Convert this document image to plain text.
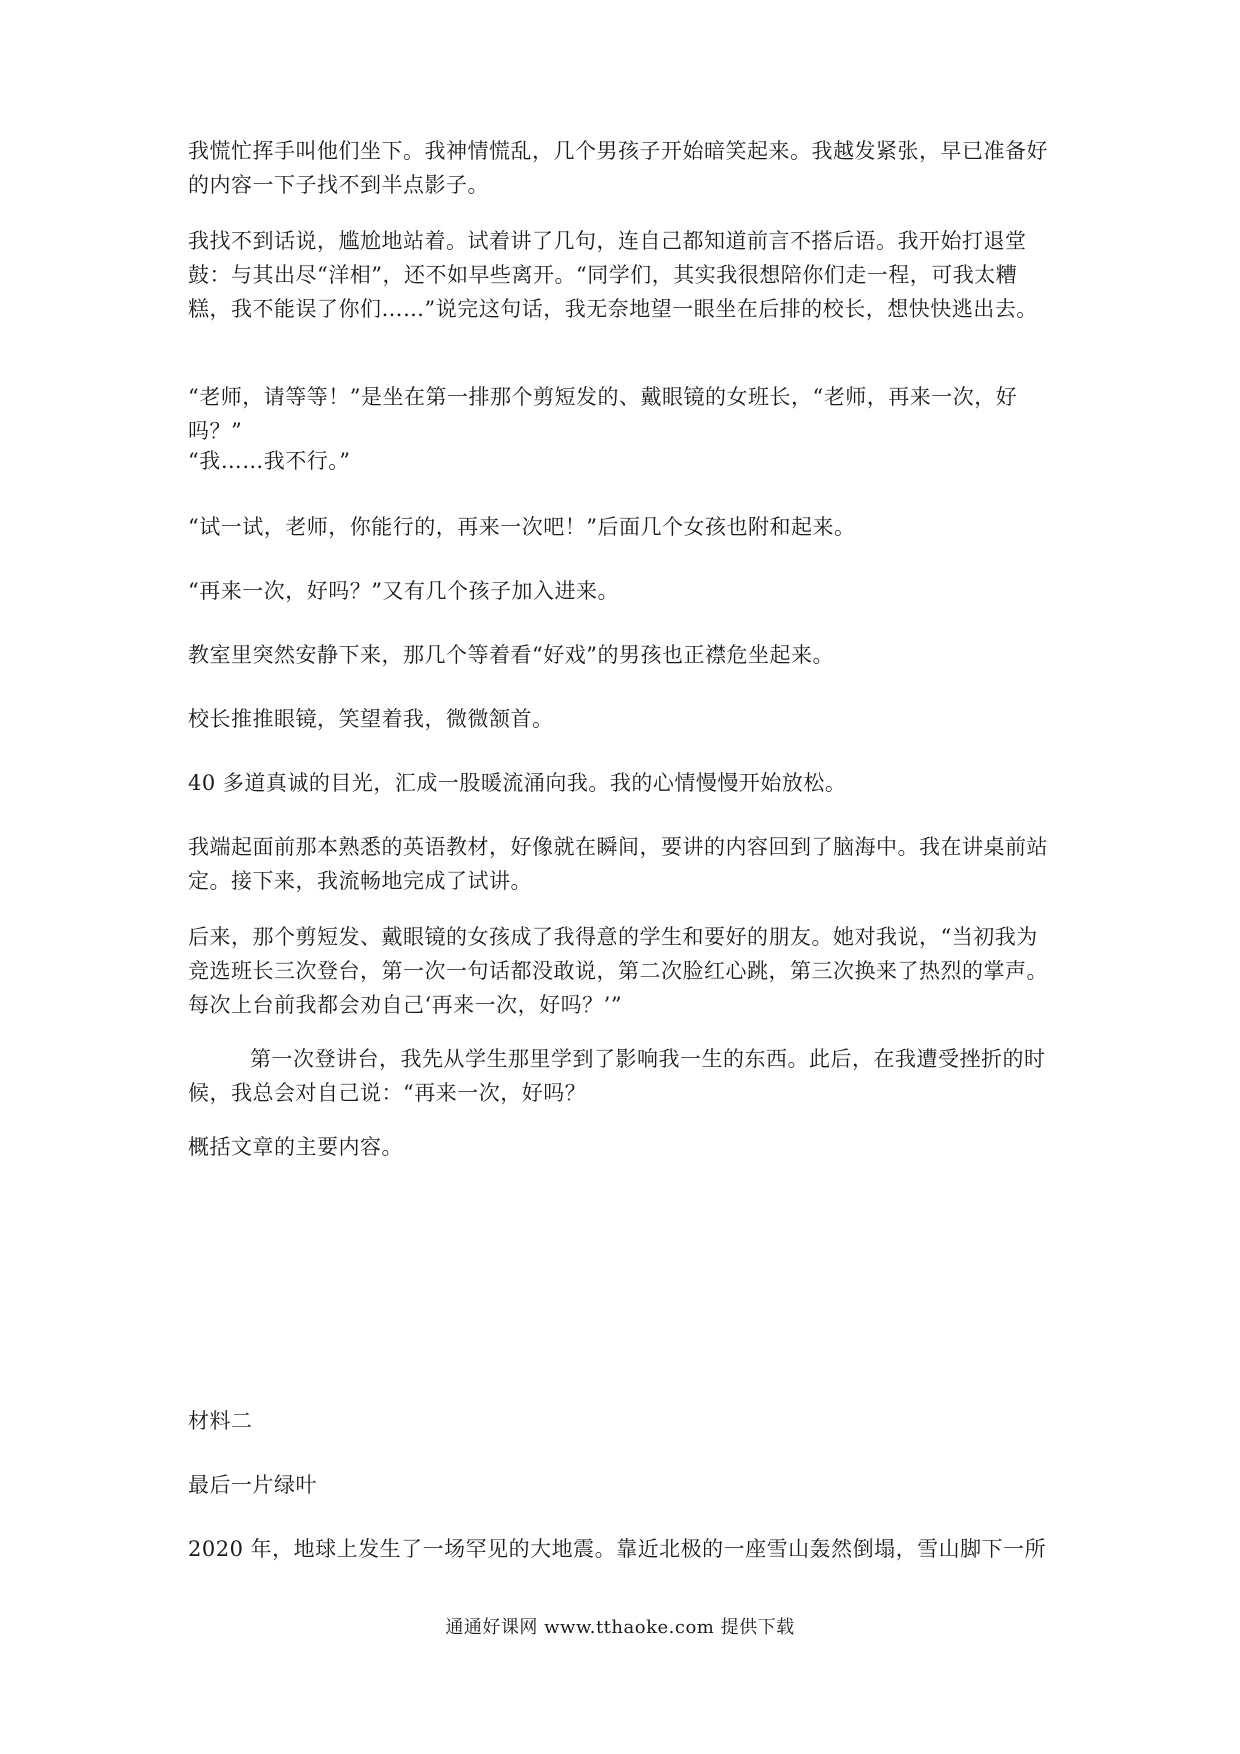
我慌忙挥手叫他们坐下。我神情慌乱，几个男孩子开始暗笑起来。我越发紧张，早已准备好的内容一下子找不到半点影子。

我找不到话说，尴尬地站着。试着讲了几句，连自己都知道前言不搭后语。我开始打退堂鼓：与其出尽“洋相”，还不如早些离开。“同学们，其实我很想陪你们走一程，可我太糟糕，我不能误了你们……”说完这句话，我无奈地望一眼坐在后排的校长，想快快逃出去。

“老师，请等等！”是坐在第一排那个剪短发的、戴眼镜的女班长，“老师，再来一次，好吗？”

“我……我不行。”

“试一试，老师，你能行的，再来一次吧！”后面几个女孩也附和起来。

“再来一次，好吗？”又有几个孩子加入进来。

教室里突然安静下来，那几个等着看“好戏”的男孩也正襟危坐起来。

校长推推眼镜，笑望着我，微微颔首。

40 多道真诚的目光，汇成一股暖流涌向我。我的心情慢慢开始放松。

我端起面前那本熟悉的英语教材，好像就在瞬间，要讲的内容回到了脑海中。我在讲桌前站定。接下来，我流畅地完成了试讲。

后来，那个剪短发、戴眼镜的女孩成了我得意的学生和要好的朋友。她对我说，“当初我为竞选班长三次登台，第一次一句话都没敢说，第二次脸红心跳，第三次换来了热烈的掌声。每次上台前我都会劝自己‘再来一次，好吗？’”

第一次登讲台，我先从学生那里学到了影响我一生的东西。此后，在我遭受挫折的时候，我总会对自己说：“再来一次，好吗？

概括文章的主要内容。

材料二

最后一片绿叶

2020 年，地球上发生了一场罕见的大地震。靠近北极的一座雪山轰然倒塌，雪山脚下一所

通通好课网 www.tthaoke.com 提供下载
